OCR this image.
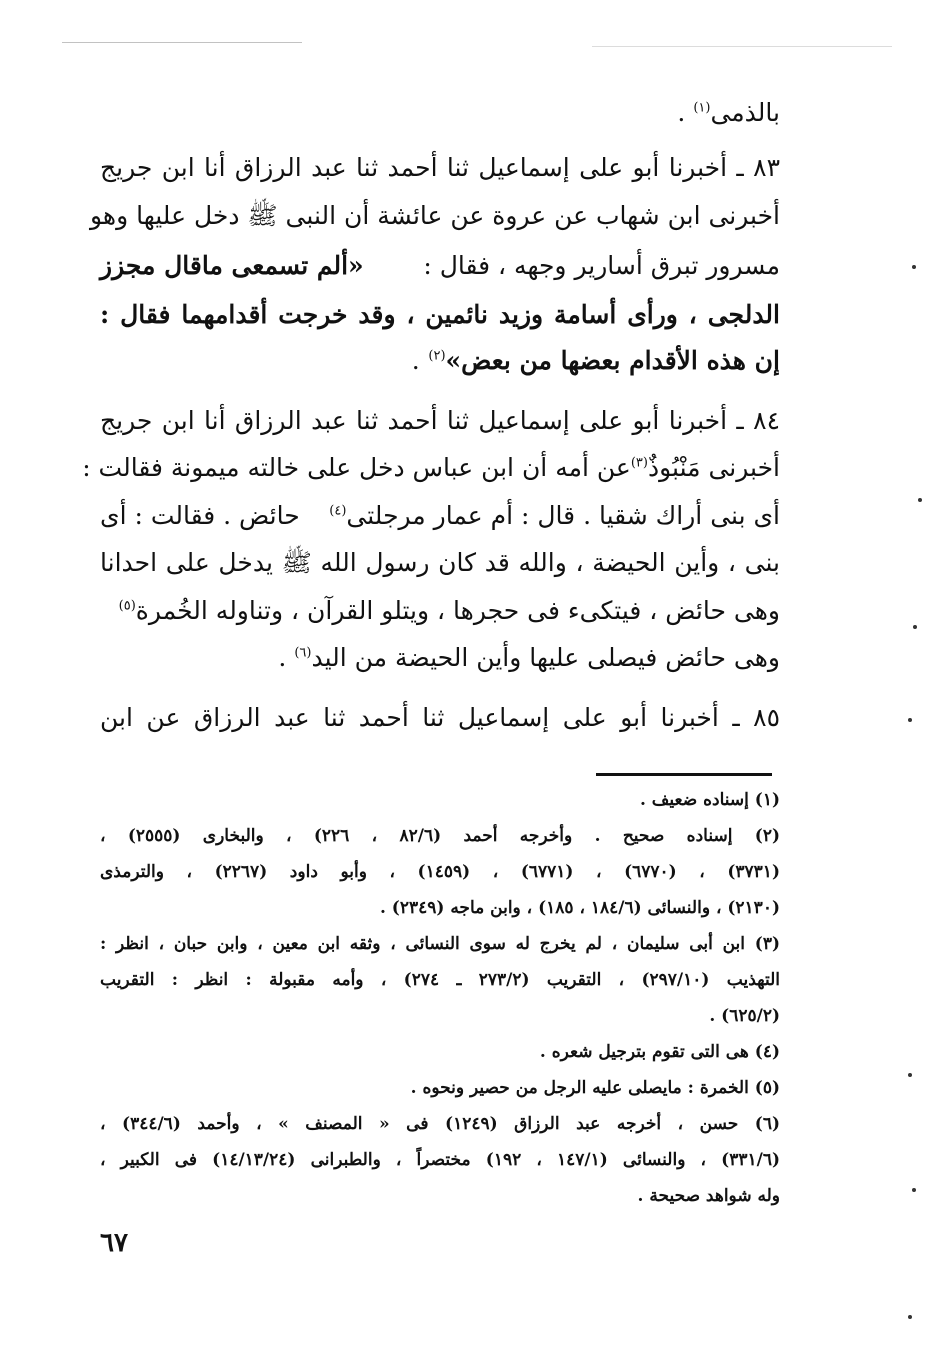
بالذمى$^{(١)}$ .
٨٣ ـ أخبرنا أبو على إسماعيل ثنا أحمد ثنا عبد الرزاق أنا ابن جريج
أخبرنى ابن شهاب عن عروة عن عائشة أن النبى ﷺ دخل عليها وهو
مسرور تبرق أسارير وجهه ، فقال :
«ألم تسمعى ماقال مجزز
الدلجى ، ورأى أسامة وزيد نائمين ، وقد خرجت أقدامهما فقال :
إن هذه الأقدام بعضها من بعض»$^{(٢)}$ .
٨٤ ـ أخبرنا أبو على إسماعيل ثنا أحمد ثنا عبد الرزاق أنا ابن جريج
أخبرنى مَنْبُوذٌ$^{(٣)}$
عن أمه أن ابن عباس دخل على خالته ميمونة فقالت :
أى بنى أراك شقيا . قال : أم عمار مرجلتى$^{(٤)}$
حائض . فقالت : أى
بنى ، وأين الحيضة ، والله قد كان رسول الله ﷺ يدخل على احدانا
وهى حائض ، فيتكىء فى حجرها ، ويتلو القرآن ، وتناوله الخُمرة$^{(٥)}$
وهى حائض فيصلى عليها وأين الحيضة من اليد$^{(٦)}$ .
٨٥ ـ أخبرنا أبو على إسماعيل ثنا أحمد ثنا عبد الرزاق عن ابن
(١) إسناده ضعيف .
(٢) إسناده صحيح . وأخرجه أحمد (٨٢/٦ ، ٢٢٦) ، والبخارى (٢٥٥٥) ،
(٣٧٣١) ، (٦٧٧٠) ، (٦٧٧١) ، (١٤٥٩) ، وأبو داود (٢٢٦٧) ، والترمذى
(٢١٣٠) ، والنسائى (١٨٤/٦ ، ١٨٥) ، وابن ماجه (٢٣٤٩) .
(٣) ابن أبى سليمان ، لم يخرج له سوى النسائى ، وثقه ابن معين ، وابن حبان ، انظر :
التهذيب (٢٩٧/١٠) ، التقريب (٢٧٣/٢ ـ ٢٧٤) ، وأمه مقبولة : انظر : التقريب
(٦٢٥/٢) .
(٤) هى التى تقوم بترجيل شعره .
(٥) الخمرة : مايصلى عليه الرجل من حصير ونحوه .
(٦) حسن ، أخرجه عبد الرزاق (١٢٤٩) فى « المصنف » ، وأحمد (٣٤٤/٦) ،
(٣٣١/٦) ، والنسائى (١٤٧/١ ، ١٩٢) مختصراً ، والطبرانى (١٤/١٣/٢٤) فى الكبير ،
وله شواهد صحيحة .
٦٧
